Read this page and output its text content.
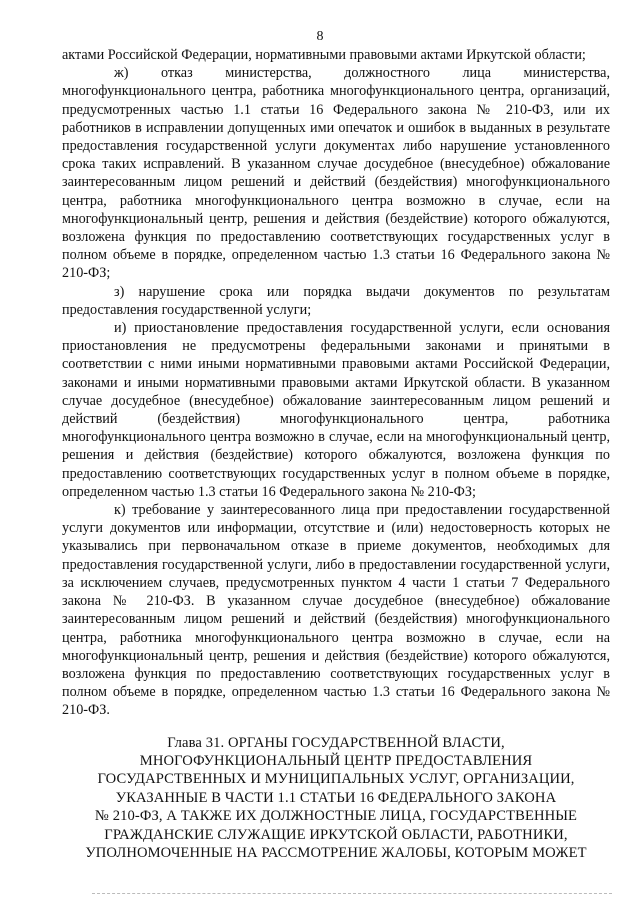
8

актами Российской Федерации, нормативными правовыми актами Иркутской области;

ж) отказ министерства, должностного лица министерства, многофункционального центра, работника многофункционального центра, организаций, предусмотренных частью 1.1 статьи 16 Федерального закона № 210-ФЗ, или их работников в исправлении допущенных ими опечаток и ошибок в выданных в результате предоставления государственной услуги документах либо нарушение установленного срока таких исправлений. В указанном случае досудебное (внесудебное) обжалование заинтересованным лицом решений и действий (бездействия) многофункционального центра, работника многофункционального центра возможно в случае, если на многофункциональный центр, решения и действия (бездействие) которого обжалуются, возложена функция по предоставлению соответствующих государственных услуг в полном объеме в порядке, определенном частью 1.3 статьи 16 Федерального закона № 210-ФЗ;

з) нарушение срока или порядка выдачи документов по результатам предоставления государственной услуги;

и) приостановление предоставления государственной услуги, если основания приостановления не предусмотрены федеральными законами и принятыми в соответствии с ними иными нормативными правовыми актами Российской Федерации, законами и иными нормативными правовыми актами Иркутской области. В указанном случае досудебное (внесудебное) обжалование заинтересованным лицом решений и действий (бездействия) многофункционального центра, работника многофункционального центра возможно в случае, если на многофункциональный центр, решения и действия (бездействие) которого обжалуются, возложена функция по предоставлению соответствующих государственных услуг в полном объеме в порядке, определенном частью 1.3 статьи 16 Федерального закона № 210-ФЗ;

к) требование у заинтересованного лица при предоставлении государственной услуги документов или информации, отсутствие и (или) недостоверность которых не указывались при первоначальном отказе в приеме документов, необходимых для предоставления государственной услуги, либо в предоставлении государственной услуги, за исключением случаев, предусмотренных пунктом 4 части 1 статьи 7 Федерального закона № 210-ФЗ. В указанном случае досудебное (внесудебное) обжалование заинтересованным лицом решений и действий (бездействия) многофункционального центра, работника многофункционального центра возможно в случае, если на многофункциональный центр, решения и действия (бездействие) которого обжалуются, возложена функция по предоставлению соответствующих государственных услуг в полном объеме в порядке, определенном частью 1.3 статьи 16 Федерального закона № 210-ФЗ.

Глава 31. ОРГАНЫ ГОСУДАРСТВЕННОЙ ВЛАСТИ,
МНОГОФУНКЦИОНАЛЬНЫЙ ЦЕНТР ПРЕДОСТАВЛЕНИЯ
ГОСУДАРСТВЕННЫХ И МУНИЦИПАЛЬНЫХ УСЛУГ, ОРГАНИЗАЦИИ,
УКАЗАННЫЕ В ЧАСТИ 1.1 СТАТЬИ 16 ФЕДЕРАЛЬНОГО ЗАКОНА
№ 210-ФЗ, А ТАКЖЕ ИХ ДОЛЖНОСТНЫЕ ЛИЦА, ГОСУДАРСТВЕННЫЕ
ГРАЖДАНСКИЕ СЛУЖАЩИЕ ИРКУТСКОЙ ОБЛАСТИ, РАБОТНИКИ,
УПОЛНОМОЧЕННЫЕ НА РАССМОТРЕНИЕ ЖАЛОБЫ, КОТОРЫМ МОЖЕТ
